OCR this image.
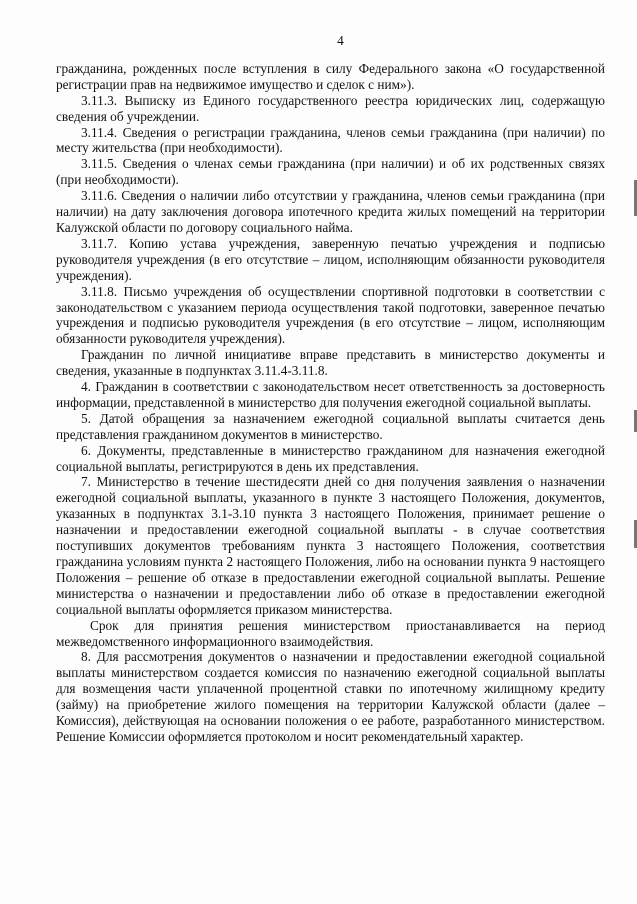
4

гражданина, рожденных после вступления в силу Федерального закона «О государственной регистрации прав на недвижимое имущество и сделок с ним»).

3.11.3. Выписку из Единого государственного реестра юридических лиц, содержащую сведения об учреждении.

3.11.4. Сведения о регистрации гражданина, членов семьи гражданина (при наличии) по месту жительства (при необходимости).

3.11.5. Сведения о членах семьи гражданина (при наличии) и об их родственных связях (при необходимости).

3.11.6. Сведения о наличии либо отсутствии у гражданина, членов семьи гражданина (при наличии) на дату заключения договора ипотечного кредита жилых помещений на территории Калужской области по договору социального найма.

3.11.7. Копию устава учреждения, заверенную печатью учреждения и подписью руководителя учреждения (в его отсутствие – лицом, исполняющим обязанности руководителя учреждения).

3.11.8. Письмо учреждения об осуществлении спортивной подготовки в соответствии с законодательством с указанием периода осуществления такой подготовки, заверенное печатью учреждения и подписью руководителя учреждения (в его отсутствие – лицом, исполняющим обязанности руководителя учреждения).

Гражданин по личной инициативе вправе представить в министерство документы и сведения, указанные в подпунктах 3.11.4-3.11.8.

4. Гражданин в соответствии с законодательством несет ответственность за достоверность информации, представленной в министерство для получения ежегодной социальной выплаты.

5. Датой обращения за назначением ежегодной социальной выплаты считается день представления гражданином документов в министерство.

6. Документы, представленные в министерство гражданином для назначения ежегодной социальной выплаты, регистрируются в день их представления.

7. Министерство в течение шестидесяти дней со дня получения заявления о назначении ежегодной социальной выплаты, указанного в пункте 3 настоящего Положения, документов, указанных в подпунктах 3.1-3.10 пункта 3 настоящего Положения, принимает решение о назначении и предоставлении ежегодной социальной выплаты - в случае соответствия поступивших документов требованиям пункта 3 настоящего Положения, соответствия гражданина условиям пункта 2 настоящего Положения, либо на основании пункта 9 настоящего Положения – решение об отказе в предоставлении ежегодной социальной выплаты. Решение министерства о назначении и предоставлении либо об отказе в предоставлении ежегодной социальной выплаты оформляется приказом министерства.

Срок для принятия решения министерством приостанавливается на период межведомственного информационного взаимодействия.

8. Для рассмотрения документов о назначении и предоставлении ежегодной социальной выплаты министерством создается комиссия по назначению ежегодной социальной выплаты для возмещения части уплаченной процентной ставки по ипотечному жилищному кредиту (займу) на приобретение жилого помещения на территории Калужской области (далее – Комиссия), действующая на основании положения о ее работе, разработанного министерством. Решение Комиссии оформляется протоколом и носит рекомендательный характер.
